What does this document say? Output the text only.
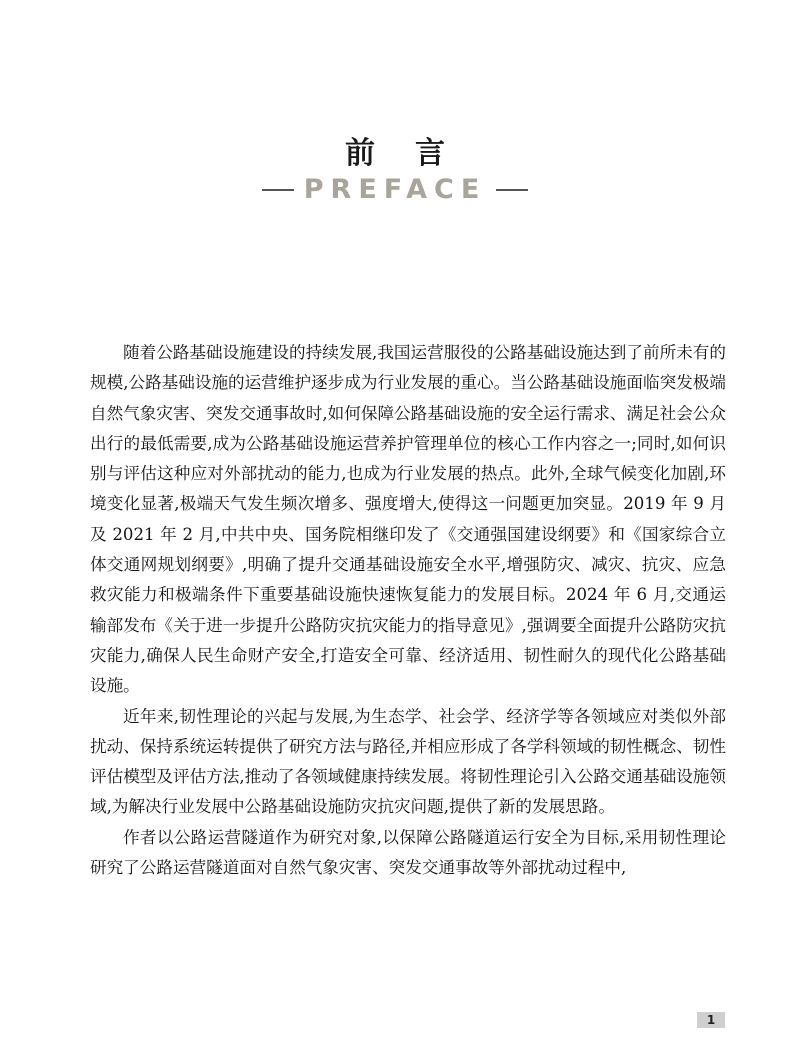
前言
PREFACE

随着公路基础设施建设的持续发展,我国运营服役的公路基础设施达到了前所未有的规模,公路基础设施的运营维护逐步成为行业发展的重心。当公路基础设施面临突发极端自然气象灾害、突发交通事故时,如何保障公路基础设施的安全运行需求、满足社会公众出行的最低需要,成为公路基础设施运营养护管理单位的核心工作内容之一;同时,如何识别与评估这种应对外部扰动的能力,也成为行业发展的热点。此外,全球气候变化加剧,环境变化显著,极端天气发生频次增多、强度增大,使得这一问题更加突显。2019 年 9 月及 2021 年 2 月,中共中央、国务院相继印发了《交通强国建设纲要》和《国家综合立体交通网规划纲要》,明确了提升交通基础设施安全水平,增强防灾、减灾、抗灾、应急救灾能力和极端条件下重要基础设施快速恢复能力的发展目标。2024 年 6 月,交通运输部发布《关于进一步提升公路防灾抗灾能力的指导意见》,强调要全面提升公路防灾抗灾能力,确保人民生命财产安全,打造安全可靠、经济适用、韧性耐久的现代化公路基础设施。

近年来,韧性理论的兴起与发展,为生态学、社会学、经济学等各领域应对类似外部扰动、保持系统运转提供了研究方法与路径,并相应形成了各学科领域的韧性概念、韧性评估模型及评估方法,推动了各领域健康持续发展。将韧性理论引入公路交通基础设施领域,为解决行业发展中公路基础设施防灾抗灾问题,提供了新的发展思路。

作者以公路运营隧道作为研究对象,以保障公路隧道运行安全为目标,采用韧性理论研究了公路运营隧道面对自然气象灾害、突发交通事故等外部扰动过程中,

1
